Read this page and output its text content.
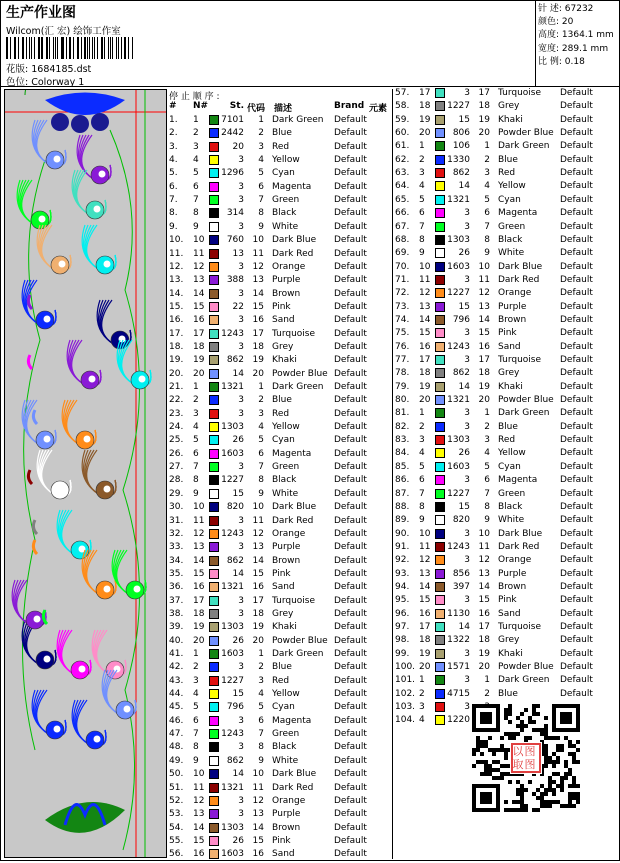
生产作业图
Wilcom(汇 宏) 绘饰工作室
花版: 1684185.dst
色位: Colorway 1
针 述: 67232
颜色: 20
高度: 1364.1 mm
宽度: 289.1 mm
比 例: 0.18
停 止 顺 序 :
# N#	St. 代码 描述	Brand 元素
1. 1 7101	1 Dark Green Default
2. 2 2442	2 Blue	Default
3. 3	20	3 Red	Default
4. 4	3	4 Yellow	Default
5. 5 1296	5 Cyan	Default
6. 6	3	6 Magenta	Default
7. 7	3	7 Green	Default
8. 8	314	8 Black	Default
9. 9	3	9 White	Default
10. 10	760 10 Dark Blue Default
11. 11	13 11 Dark Red Default
12. 12	3 12 Orange	Default
13. 13	388 13 Purple	Default
14. 14	3 14 Brown	Default
15. 15	22 15 Pink	Default
16. 16	3 16 Sand	Default
17. 17 1243 17 Turquoise Default
18. 18	3 18 Grey	Default
19. 19	862 19 Khaki	Default
20. 20	14 20 Powder Blue Default
21. 1 1321	1 Dark Green Default
22. 2	3	2 Blue	Default
23. 3	3	3 Red	Default
24. 4 1303	4 Yellow	Default
25. 5	26	5 Cyan	Default
26. 6 1603	6 Magenta	Default
27. 7	3	7 Green	Default
28. 8 1227	8 Black	Default
29. 9	15	9 White	Default
30. 10	820 10 Dark Blue Default
31. 11	3 11 Dark Red Default
32. 12 1243 12 Orange	Default
33. 13	3 13 Purple	Default
34. 14	862 14 Brown	Default
35. 15	14 15 Pink	Default
36. 16 1321 16 Sand	Default
37. 17	3 17 Turquoise Default
38. 18	3 18 Grey	Default
39. 19 1303 19 Khaki	Default
40. 20	26 20 Powder Blue Default
41. 1 1603	1 Dark Green Default
42. 2	3	2 Blue	Default
43. 3 1227	3 Red	Default
44. 4	15	4 Yellow	Default
45. 5	796	5 Cyan	Default
46. 6	3	6 Magenta	Default
47. 7 1243	7 Green	Default
48. 8	3	8 Black	Default
49. 9	862	9 White	Default
50. 10	14 10 Dark Blue Default
51. 11 1321 11 Dark Red Default
52. 12	3 12 Orange	Default
53. 13	3 13 Purple	Default
54. 14 1303 14 Brown	Default
55. 15	26 15 Pink	Default
56. 16 1603 16 Sand	Default
57. 17	3 17 Turquoise Default
58. 18 1227 18 Grey	Default
59. 19	15 19 Khaki	Default
60. 20	806 20 Powder Blue Default
61. 1	106	1 Dark Green Default
62. 2 1330	2 Blue	Default
63. 3	862	3 Red	Default
64. 4	14	4 Yellow	Default
65. 5 1321	5 Cyan	Default
66. 6	3	6 Magenta	Default
67. 7	3	7 Green	Default
68. 8 1303	8 Black	Default
69. 9	26	9 White	Default
70. 10 1603 10 Dark Blue Default
71. 11	3 11 Dark Red Default
72. 12 1227 12 Orange	Default
73. 13	15 13 Purple	Default
74. 14	796 14 Brown	Default
75. 15	3 15 Pink	Default
76. 16 1243 16 Sand	Default
77. 17	3 17 Turquoise Default
78. 18	862 18 Grey	Default
79. 19	14 19 Khaki	Default
80. 20 1321 20 Powder Blue Default
81. 1	3	1 Dark Green Default
82. 2	3	2 Blue	Default
83. 3 1303	3 Red	Default
84. 4	26	4 Yellow	Default
85. 5 1603	5 Cyan	Default
86. 6	3	6 Magenta	Default
87. 7 1227	7 Green	Default
88. 8	15	8 Black	Default
89. 9	820	9 White	Default
90. 10	3 10 Dark Blue Default
91. 11 1243 11 Dark Red Default
92. 12	3 12 Orange	Default
93. 13	856 13 Purple	Default
94. 14	397 14 Brown	Default
95. 15	3 15 Pink	Default
96. 16 1130 16 Sand	Default
97. 17	14 17 Turquoise Default
98. 18 1322 18 Grey	Default
99. 19	3 19 Khaki	Default
100. 20 1571 20 Powder Blue Default
101. 1	3	1 Dark Green Default
102. 2 4715	2 Blue	Default
103. 3	3
104. 4 1220
以 图
取 图
